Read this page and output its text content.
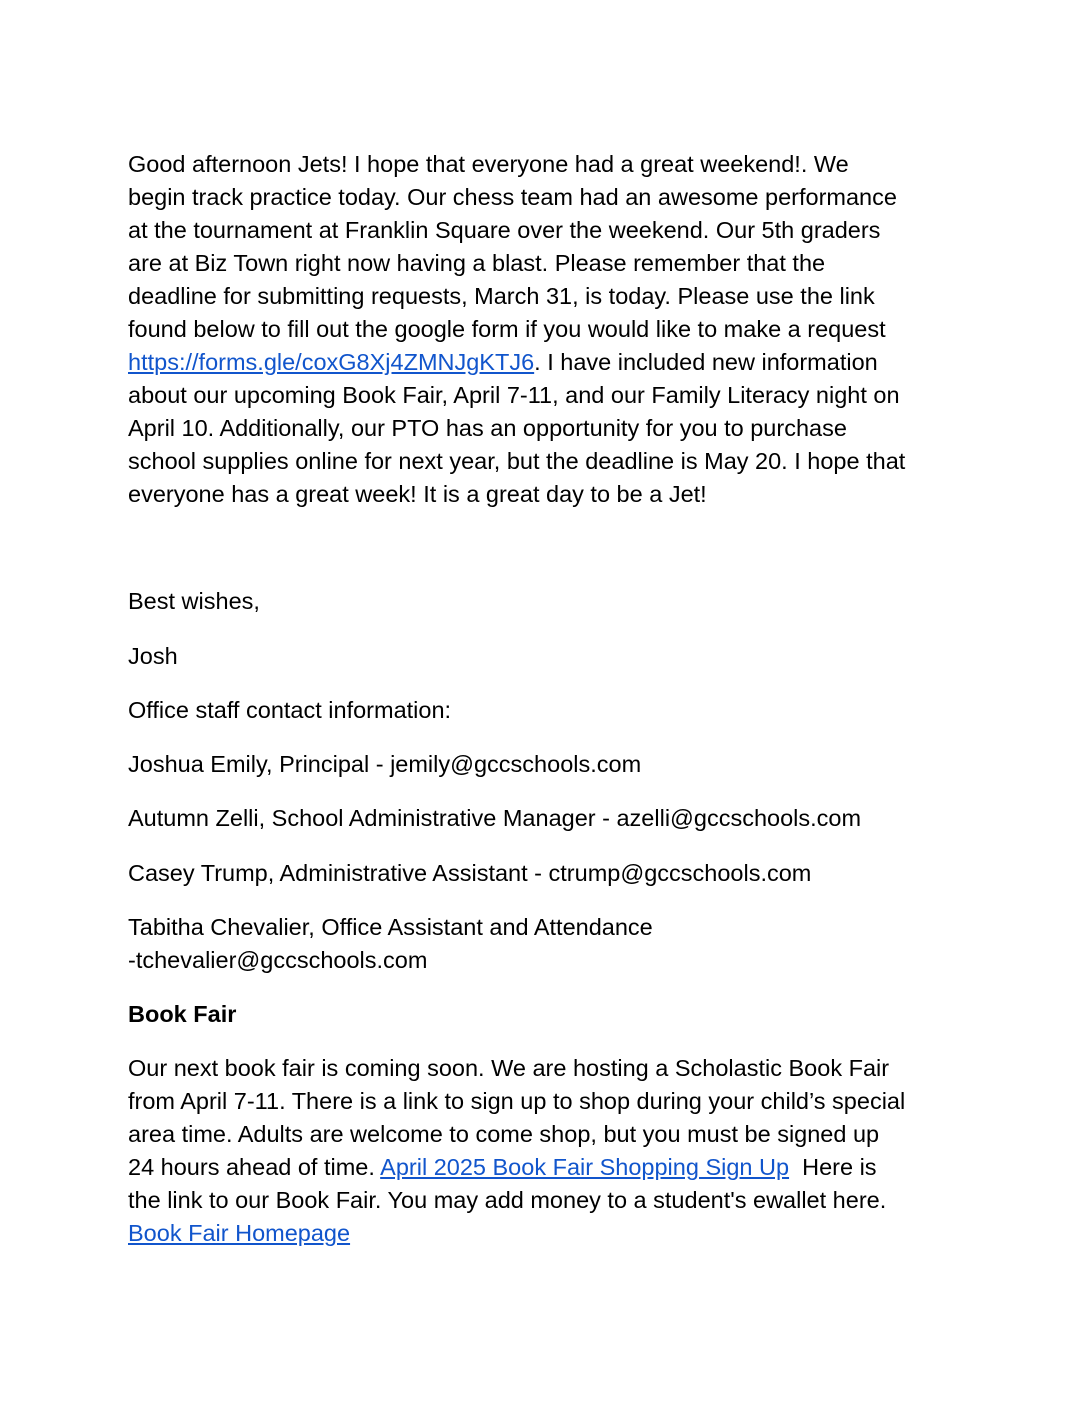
Good afternoon Jets! I hope that everyone had a great weekend!. We
begin track practice today. Our chess team had an awesome performance
at the tournament at Franklin Square over the weekend. Our 5th graders
are at Biz Town right now having a blast. Please remember that the
deadline for submitting requests, March 31, is today. Please use the link
found below to fill out the google form if you would like to make a request
https://forms.gle/coxG8Xj4ZMNJgKTJ6. I have included new information
about our upcoming Book Fair, April 7-11, and our Family Literacy night on
April 10. Additionally, our PTO has an opportunity for you to purchase
school supplies online for next year, but the deadline is May 20. I hope that
everyone has a great week! It is a great day to be a Jet!

Best wishes,

Josh

Office staff contact information:

Joshua Emily, Principal - jemily@gccschools.com

Autumn Zelli, School Administrative Manager - azelli@gccschools.com

Casey Trump, Administrative Assistant - ctrump@gccschools.com

Tabitha Chevalier, Office Assistant and Attendance
-tchevalier@gccschools.com

Book Fair

Our next book fair is coming soon. We are hosting a Scholastic Book Fair
from April 7-11. There is a link to sign up to shop during your child’s special
area time. Adults are welcome to come shop, but you must be signed up
24 hours ahead of time. April 2025 Book Fair Shopping Sign Up  Here is
the link to our Book Fair. You may add money to a student's ewallet here.
Book Fair Homepage
